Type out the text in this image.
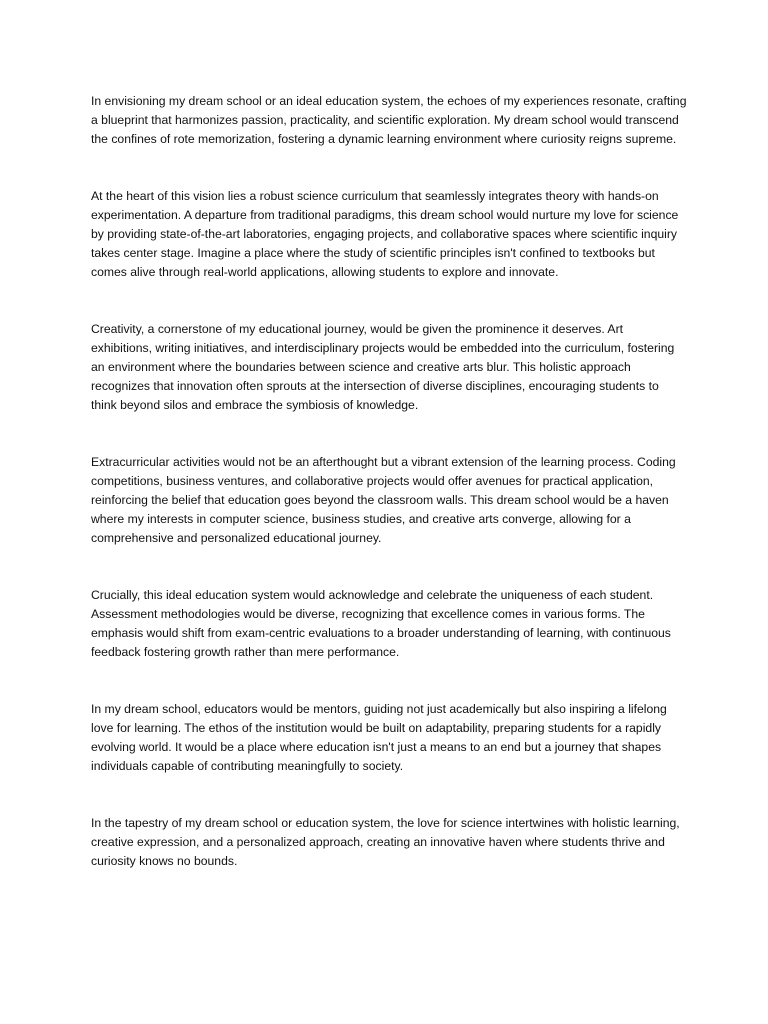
In envisioning my dream school or an ideal education system, the echoes of my experiences resonate, crafting a blueprint that harmonizes passion, practicality, and scientific exploration. My dream school would transcend the confines of rote memorization, fostering a dynamic learning environment where curiosity reigns supreme.

At the heart of this vision lies a robust science curriculum that seamlessly integrates theory with hands-on experimentation. A departure from traditional paradigms, this dream school would nurture my love for science by providing state-of-the-art laboratories, engaging projects, and collaborative spaces where scientific inquiry takes center stage. Imagine a place where the study of scientific principles isn't confined to textbooks but comes alive through real-world applications, allowing students to explore and innovate.

Creativity, a cornerstone of my educational journey, would be given the prominence it deserves. Art exhibitions, writing initiatives, and interdisciplinary projects would be embedded into the curriculum, fostering an environment where the boundaries between science and creative arts blur. This holistic approach recognizes that innovation often sprouts at the intersection of diverse disciplines, encouraging students to think beyond silos and embrace the symbiosis of knowledge.

Extracurricular activities would not be an afterthought but a vibrant extension of the learning process. Coding competitions, business ventures, and collaborative projects would offer avenues for practical application, reinforcing the belief that education goes beyond the classroom walls. This dream school would be a haven where my interests in computer science, business studies, and creative arts converge, allowing for a comprehensive and personalized educational journey.

Crucially, this ideal education system would acknowledge and celebrate the uniqueness of each student. Assessment methodologies would be diverse, recognizing that excellence comes in various forms. The emphasis would shift from exam-centric evaluations to a broader understanding of learning, with continuous feedback fostering growth rather than mere performance.

In my dream school, educators would be mentors, guiding not just academically but also inspiring a lifelong love for learning. The ethos of the institution would be built on adaptability, preparing students for a rapidly evolving world. It would be a place where education isn't just a means to an end but a journey that shapes individuals capable of contributing meaningfully to society.

In the tapestry of my dream school or education system, the love for science intertwines with holistic learning, creative expression, and a personalized approach, creating an innovative haven where students thrive and curiosity knows no bounds.
